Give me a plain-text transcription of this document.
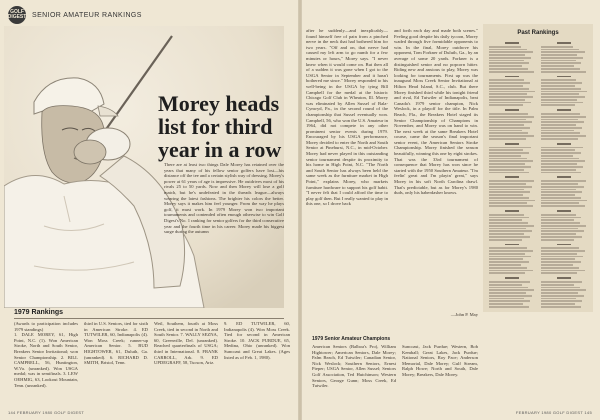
GOLF DIGEST SENIOR AMATEUR RANKINGS
Morey heads
list for third
year in a row

There are at least two things Dale Morey has retained over the years that many of his fellow senior golfers have lost—his distance off the tee and a certain stylish way of dressing. Morey's power at 61 years of age is impressive. He outdrives most of his rivals 25 to 50 yards. Now and then Morey will lose a golf match, but he's undefeated in the threads league—always wearing the latest fashions. The brighter his colors the better. Morey says it makes him feel younger. From the way he plays golf, it must work. In 1979 Morey won two important tournaments and contended often enough otherwise to win Golf Digest's No. 1 ranking for senior golfers for the third consecutive year and the fourth time in his career. Morey made his biggest surge during the autumn

after he suddenly—and inexplicably—found himself free of pain from a pinched nerve in the neck that had bothered him for two years. "Off and on, that nerve had caused my left arm to go numb for a few minutes or hours," Morey says. "I never knew when it would come on. But then all of a sudden it was gone when I got to the USGA Senior in September and it hasn't bothered me since." Morey responded to his well-being in the USGA by tying Bill Campbell for the medal at the historic Chicago Golf Club in Wheaton, Ill. Morey was eliminated by Allen Sussel of Bala-Cynwyd, Pa., in the second round of the championship that Sussel eventually won. Campbell, 56, who won the U.S. Amateur in 1964, did not compete in any other prominent senior events during 1979. Encouraged by his USGA performance, Morey decided to enter the North and South Senior at Pinehurst, N.C., in mid-October. Morey had never played in this outstanding senior tournament despite its proximity to his home in High Point, N.C. "The North and South Senior has always been held the same week as the furniture market in High Point," explains Morey, who markets furniture hardware to support his golf habit. "I never felt that I could afford the time to play golf then. But I really wanted to play in this one, so I drove back

and forth each day and made both scenes." Feeling good despite his daily tycoon, Morey waded through five formidable opponents to win. In the final, Morey outdrove his opponent, Tom Forkner of Duluth, Ga., by an average of some 20 yards. Forkner is a distinguished senior and no popcorn hitter. Riding new and anxious to play, Morey was looking for tournaments. First up was the inaugural Moss Creek Senior Invitational at Hilton Head Island, S.C., club. But there Morey finished third while his tonight friend and rival, Ed Tutwiler of Indianapolis, beat Canada's 1979 senior champion, Nick Weslock, in a playoff for the title. In Palm Beach, Fla., the Breakers Hotel staged its Senior Championship of Champions in November, and Morey was on hand to win. The next week at the same Breakers Hotel course, came the season's final important senior event, the American Seniors Stroke Championship. Morey finished the season beautifully, winning this one by eight strokes. That was the 33rd tournament of consequence that Morey has won since he started with the 1950 Southern Amateur. "I'm feelin' great and I'm playin' great," says Morey in his soft North Carolina drawl. That's predictable, but as for Morey's 1980 duds, only his haberdasher knows.

—John P. May
Past Rankings
1979 Rankings

(Awards to participation includes 1979 standings)

1. DALE MOREY, 61, High Point, N.C. (1). Won American Stroke, North and South Senior, Breakers Senior Invitational; won Senior Championship. 2. BILL CAMPBELL, 56, Huntington, W.Va. (unranked). Won USGA medal; was in semifinals. 3. LEW OEHMIG, 63, Lookout Mountain, Tenn. (unranked).

third in U.S. Seniors, tied for sixth in American Stroke. 4. ED TUTWILER, 60, Indianapolis (4). Won Moss Creek; runner-up American Senior. 5. BUD HIGHTOWER, 61, Duluth, Ga. (unranked). 6. RICHARD D. SMITH, Bristol, Tenn.

Weil, Southern, fourth at Moss Creek, tied in second in North and South Senior. 7. WALLY SEZNA, 60, Greenville, Del. (unranked). Reached quarterfinals of USGA; third in International. 8. FRANK CARROLL, Ark. 9. ED UPDEGRAFF, 58, Tucson, Ariz.

9. ED TUTWILER, 60, Indianapolis (4). Won Moss Creek. Tied for second in American Stroke. 10. JACK PURDUE, 65, Medina, Ohio (unranked). Won Suncoast and Great Lakes. (Ages listed as of Feb. 1, 1980).

1979 Senior Amateur Champions

American Seniors (Balboa's Pro), William Hightower; American Seniors, Dale Morey; Palm Beach, Ed Tutwiler; Canadian Senior, Nick Weslock; Southern Seniors, Ernest Pieper; USGA Senior, Allen Sussel; Seniors Golf Association, Ted Hutchinson; Western Seniors, George Gunn; Moss Creek, Ed Tutwiler.

Suncoast, Jack Purdue; Western, Bob Kemball; Great Lakes, Jack Purdue; National Seniors, Roy Pace; Anderson Memorial, Dale Morey; Gulf Stream, Ralph Howe; North and South, Dale Morey; Breakers, Dale Morey.

144 FEBRUARY 1980 GOLF DIGEST	FEBRUARY 1980 GOLF DIGEST 145
